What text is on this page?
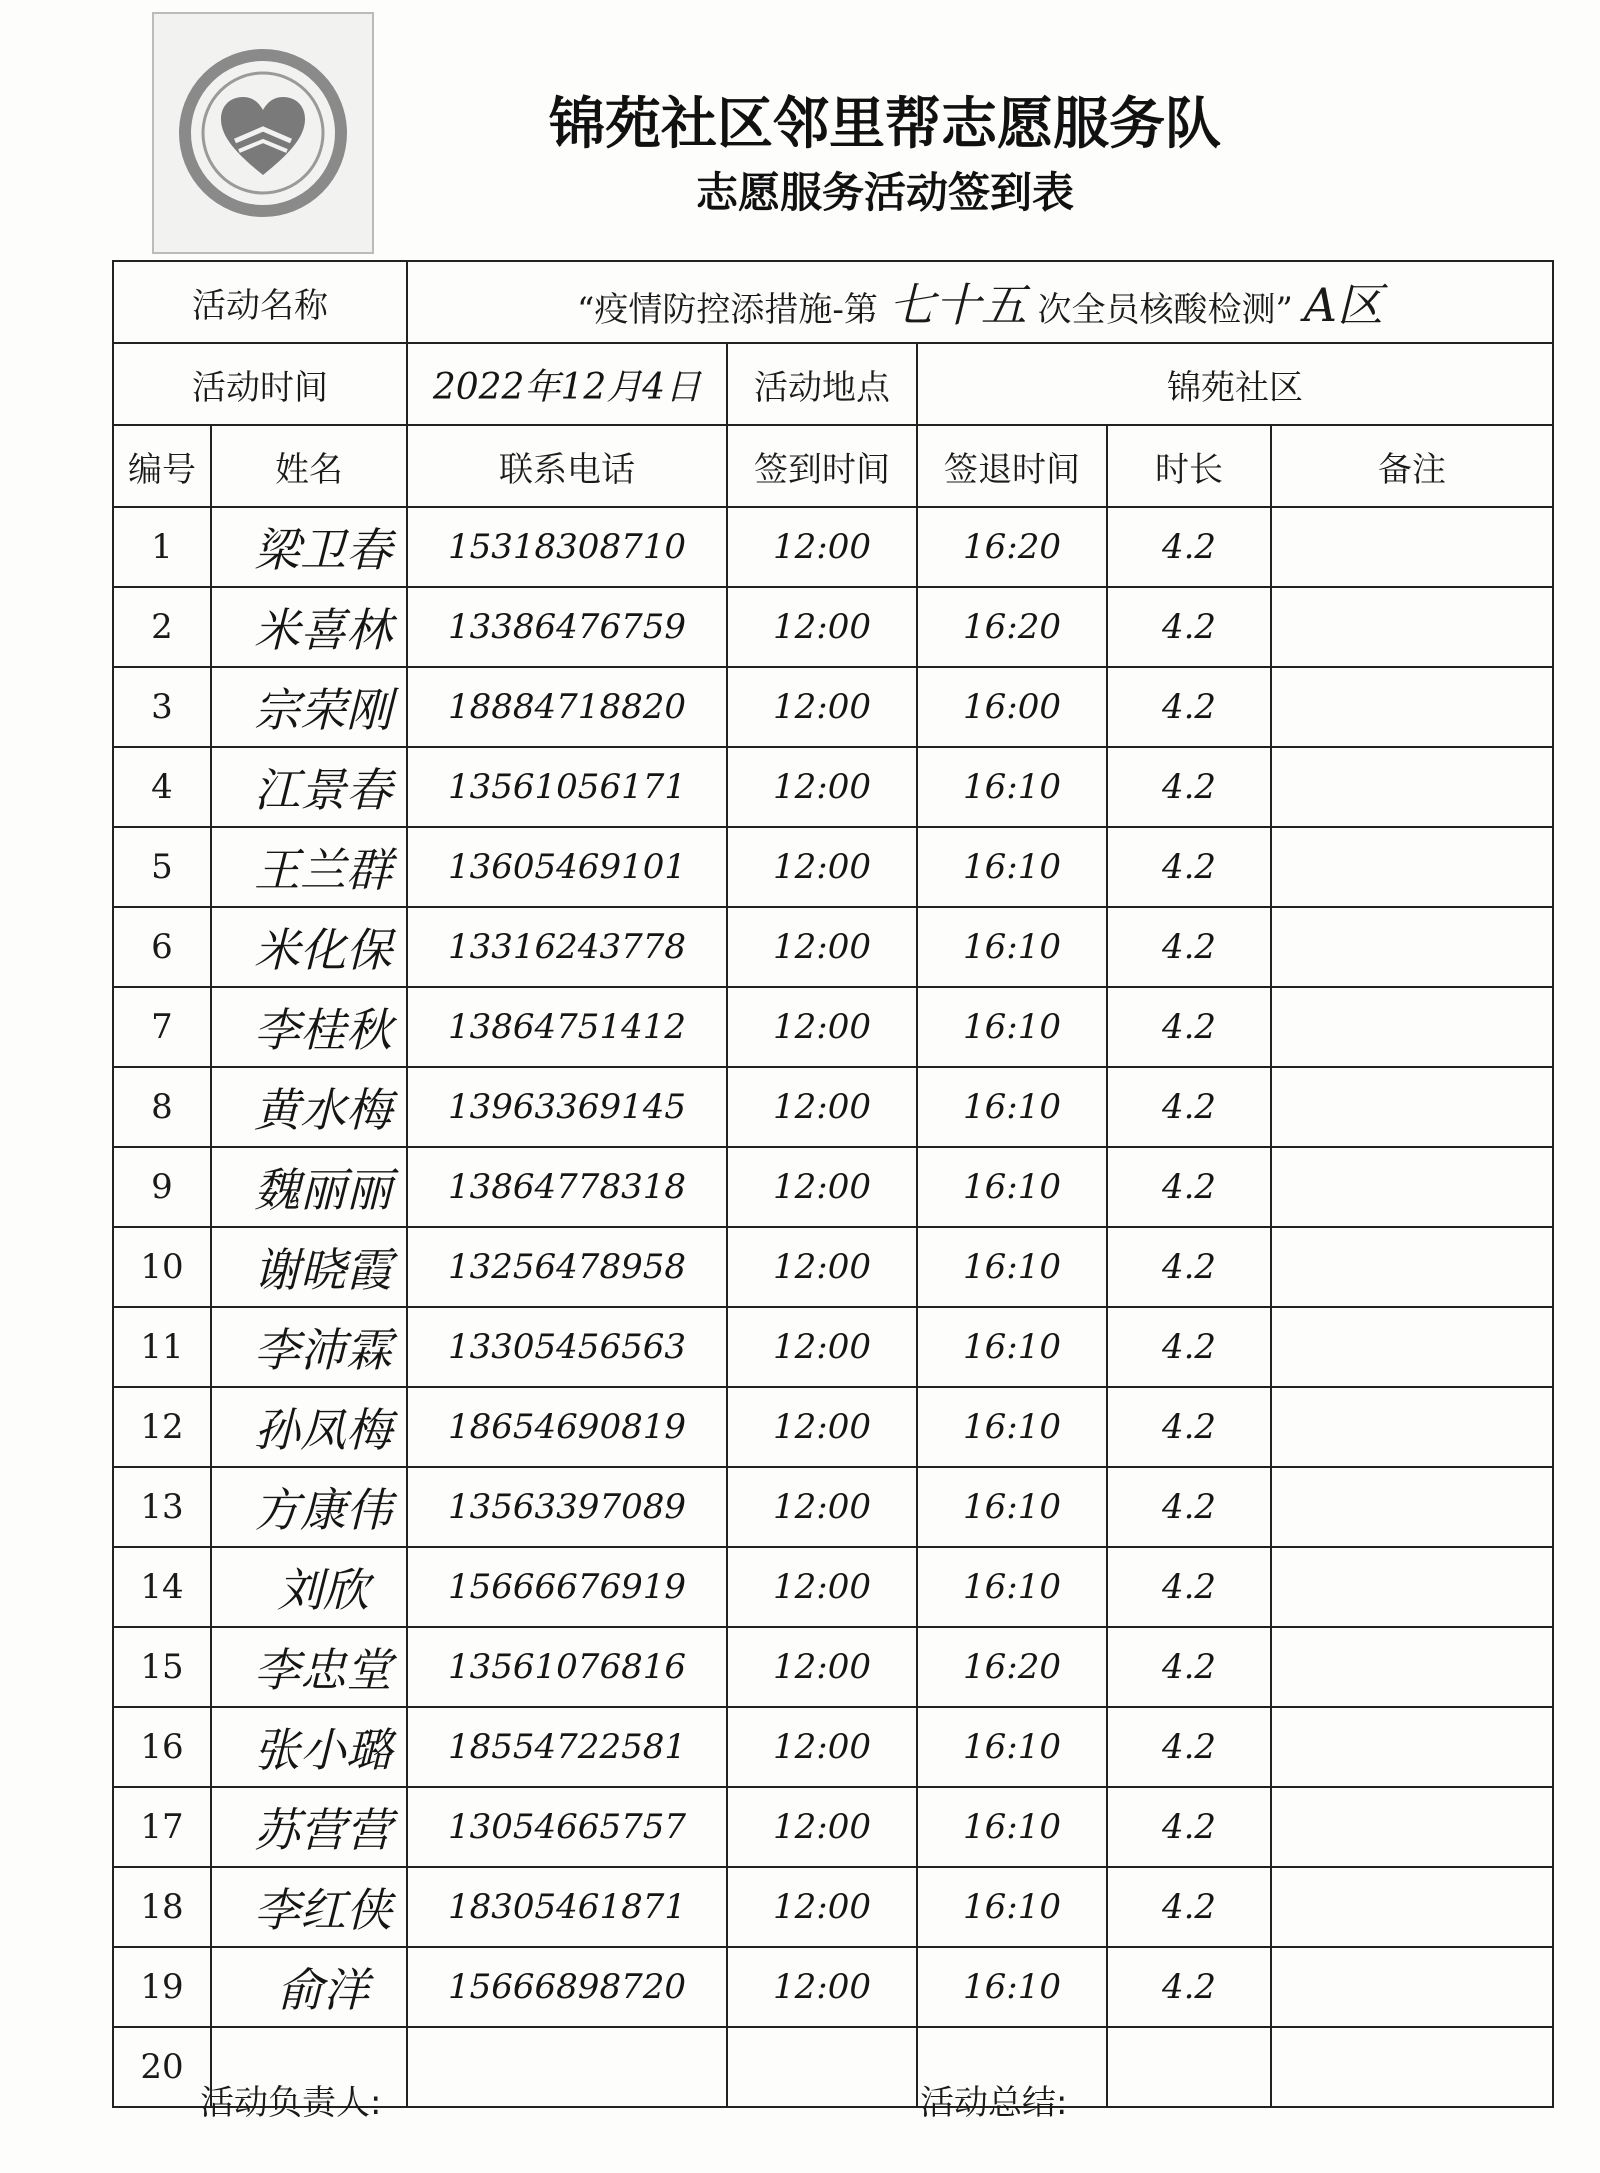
锦苑社区邻里帮志愿服务队
志愿服务活动签到表
活动名称		“疫情防控添措施-第 七十五 次全员核酸检测” A区				
活动时间		2022年12月4日	活动地点	锦苑社区		
编号	姓名	联系电话	签到时间	签退时间	时长	备注
1	梁卫春	15318308710	12:00	16:20	4.2	
2	米喜林	13386476759	12:00	16:20	4.2	
3	宗荣刚	18884718820	12:00	16:00	4.2	
4	江景春	13561056171	12:00	16:10	4.2	
5	王兰群	13605469101	12:00	16:10	4.2	
6	米化保	13316243778	12:00	16:10	4.2	
7	李桂秋	13864751412	12:00	16:10	4.2	
8	黄水梅	13963369145	12:00	16:10	4.2	
9	魏丽丽	13864778318	12:00	16:10	4.2	
10	谢晓霞	13256478958	12:00	16:10	4.2	
11	李沛霖	13305456563	12:00	16:10	4.2	
12	孙凤梅	18654690819	12:00	16:10	4.2	
13	方康伟	13563397089	12:00	16:10	4.2	
14	刘欣	15666676919	12:00	16:10	4.2	
15	李忠堂	13561076816	12:00	16:20	4.2	
16	张小璐	18554722581	12:00	16:10	4.2	
17	苏营营	13054665757	12:00	16:10	4.2	
18	李红侠	18305461871	12:00	16:10	4.2	
19	俞洋	15666898720	12:00	16:10	4.2	
20						
活动负责人:	活动总结:
